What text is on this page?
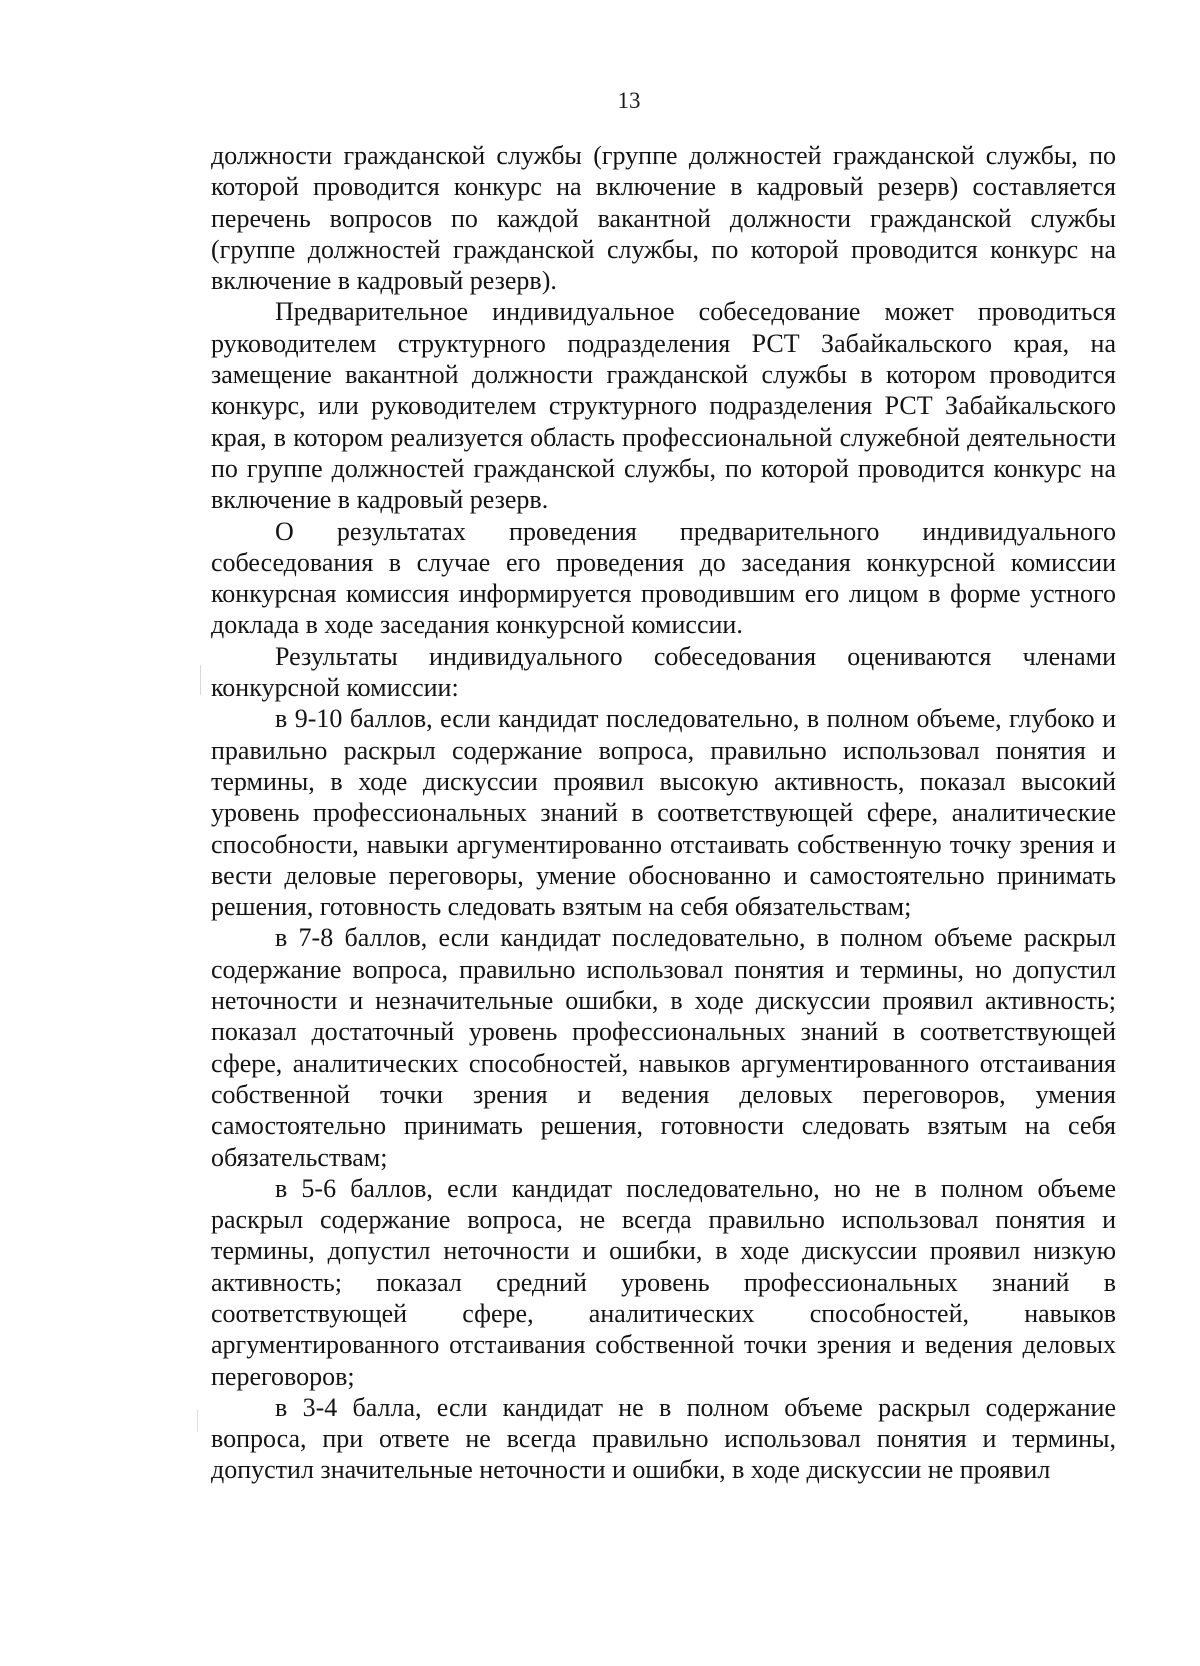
13

должности гражданской службы (группе должностей гражданской службы, по которой проводится конкурс на включение в кадровый резерв) составляется перечень вопросов по каждой вакантной должности гражданской службы (группе должностей гражданской службы, по которой проводится конкурс на включение в кадровый резерв).

Предварительное индивидуальное собеседование может проводиться руководителем структурного подразделения РСТ Забайкальского края, на замещение вакантной должности гражданской службы в котором проводится конкурс, или руководителем структурного подразделения РСТ Забайкальского края, в котором реализуется область профессиональной служебной деятельности по группе должностей гражданской службы, по которой проводится конкурс на включение в кадровый резерв.

О результатах проведения предварительного индивидуального собеседования в случае его проведения до заседания конкурсной комиссии конкурсная комиссия информируется проводившим его лицом в форме устного доклада в ходе заседания конкурсной комиссии.

Результаты индивидуального собеседования оцениваются членами конкурсной комиссии:

в 9-10 баллов, если кандидат последовательно, в полном объеме, глубоко и правильно раскрыл содержание вопроса, правильно использовал понятия и термины, в ходе дискуссии проявил высокую активность, показал высокий уровень профессиональных знаний в соответствующей сфере, аналитические способности, навыки аргументированно отстаивать собственную точку зрения и вести деловые переговоры, умение обоснованно и самостоятельно принимать решения, готовность следовать взятым на себя обязательствам;

в 7-8 баллов, если кандидат последовательно, в полном объеме раскрыл содержание вопроса, правильно использовал понятия и термины, но допустил неточности и незначительные ошибки, в ходе дискуссии проявил активность; показал достаточный уровень профессиональных знаний в соответствующей сфере, аналитических способностей, навыков аргументированного отстаивания собственной точки зрения и ведения деловых переговоров, умения самостоятельно принимать решения, готовности следовать взятым на себя обязательствам;

в 5-6 баллов, если кандидат последовательно, но не в полном объеме раскрыл содержание вопроса, не всегда правильно использовал понятия и термины, допустил неточности и ошибки, в ходе дискуссии проявил низкую активность; показал средний уровень профессиональных знаний в соответствующей сфере, аналитических способностей, навыков аргументированного отстаивания собственной точки зрения и ведения деловых переговоров;

в 3-4 балла, если кандидат не в полном объеме раскрыл содержание вопроса, при ответе не всегда правильно использовал понятия и термины, допустил значительные неточности и ошибки, в ходе дискуссии не проявил
